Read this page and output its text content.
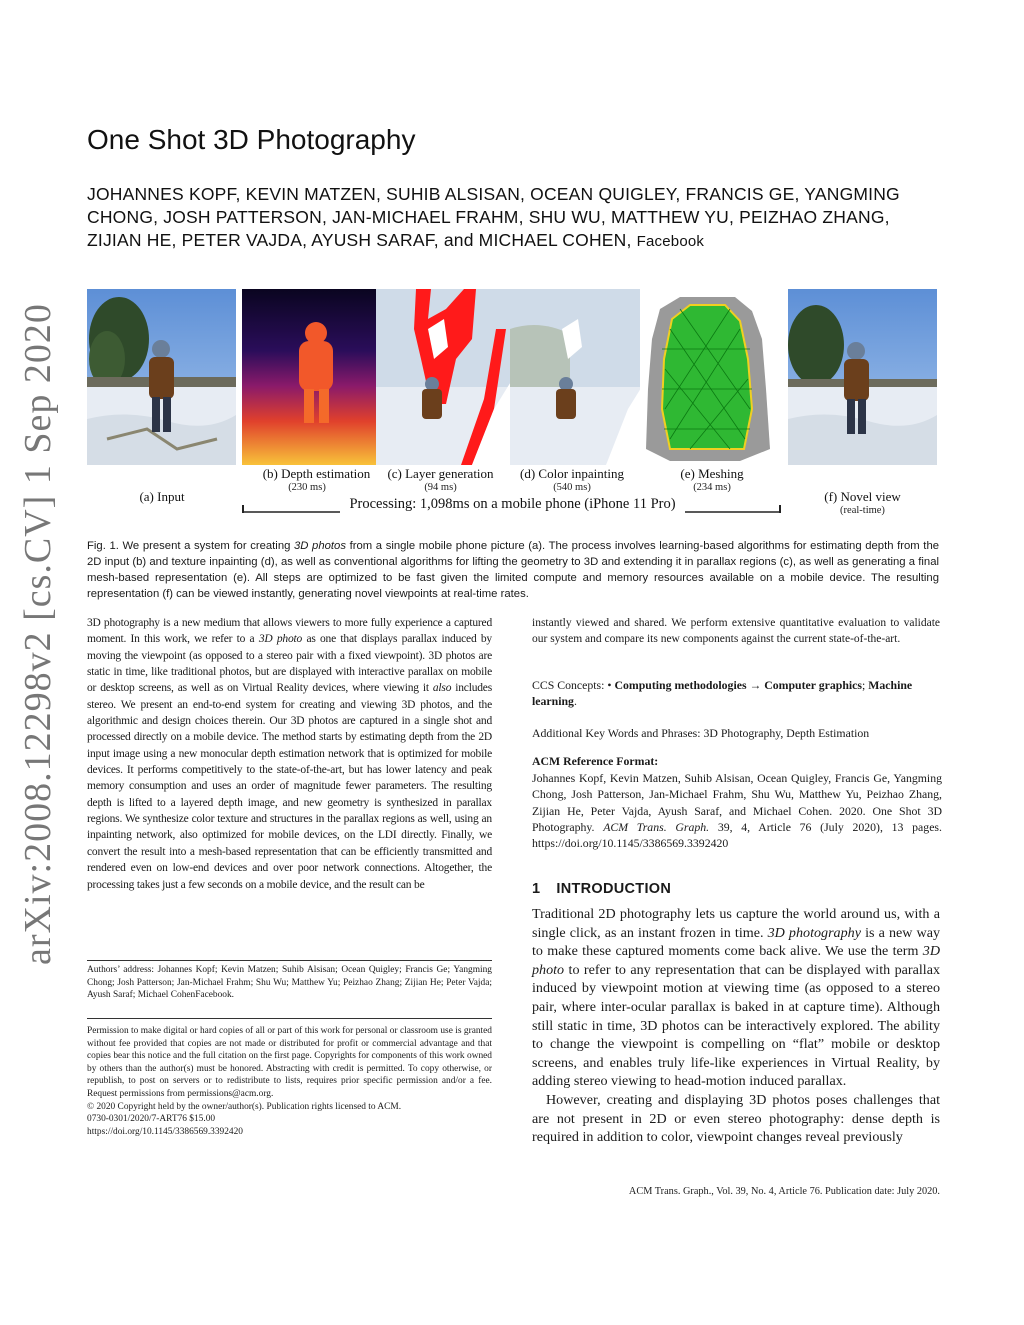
arXiv:2008.12298v2 [cs.CV] 1 Sep 2020
One Shot 3D Photography

JOHANNES KOPF, KEVIN MATZEN, SUHIB ALSISAN, OCEAN QUIGLEY, FRANCIS GE, YANGMING CHONG, JOSH PATTERSON, JAN-MICHAEL FRAHM, SHU WU, MATTHEW YU, PEIZHAO ZHANG, ZIJIAN HE, PETER VAJDA, AYUSH SARAF, and MICHAEL COHEN, Facebook

(a) Input
(b) Depth estimation
(230 ms)
(c) Layer generation
(94 ms)
(d) Color inpainting
(540 ms)
(e) Meshing
(234 ms)
(f) Novel view
(real-time)
Processing: 1,098ms on a mobile phone (iPhone 11 Pro)

Fig. 1. We present a system for creating 3D photos from a single mobile phone picture (a). The process involves learning-based algorithms for estimating depth from the 2D input (b) and texture inpainting (d), as well as conventional algorithms for lifting the geometry to 3D and extending it in parallax regions (c), as well as generating a final mesh-based representation (e). All steps are optimized to be fast given the limited compute and memory resources available on a mobile device. The resulting representation (f) can be viewed instantly, generating novel viewpoints at real-time rates.

3D photography is a new medium that allows viewers to more fully experience a captured moment. In this work, we refer to a 3D photo as one that displays parallax induced by moving the viewpoint (as opposed to a stereo pair with a fixed viewpoint). 3D photos are static in time, like traditional photos, but are displayed with interactive parallax on mobile or desktop screens, as well as on Virtual Reality devices, where viewing it also includes stereo. We present an end-to-end system for creating and viewing 3D photos, and the algorithmic and design choices therein. Our 3D photos are captured in a single shot and processed directly on a mobile device. The method starts by estimating depth from the 2D input image using a new monocular depth estimation network that is optimized for mobile devices. It performs competitively to the state-of-the-art, but has lower latency and peak memory consumption and uses an order of magnitude fewer parameters. The resulting depth is lifted to a layered depth image, and new geometry is synthesized in parallax regions. We synthesize color texture and structures in the parallax regions as well, using an inpainting network, also optimized for mobile devices, on the LDI directly. Finally, we convert the result into a mesh-based representation that can be efficiently transmitted and rendered even on low-end devices and over poor network connections. Altogether, the processing takes just a few seconds on a mobile device, and the result can be

Authors’ address: Johannes Kopf; Kevin Matzen; Suhib Alsisan; Ocean Quigley; Francis Ge; Yangming Chong; Josh Patterson; Jan-Michael Frahm; Shu Wu; Matthew Yu; Peizhao Zhang; Zijian He; Peter Vajda; Ayush Saraf; Michael CohenFacebook.

Permission to make digital or hard copies of all or part of this work for personal or classroom use is granted without fee provided that copies are not made or distributed for profit or commercial advantage and that copies bear this notice and the full citation on the first page. Copyrights for components of this work owned by others than the author(s) must be honored. Abstracting with credit is permitted. To copy otherwise, or republish, to post on servers or to redistribute to lists, requires prior specific permission and/or a fee. Request permissions from permissions@acm.org.
© 2020 Copyright held by the owner/author(s). Publication rights licensed to ACM.
0730-0301/2020/7-ART76 $15.00
https://doi.org/10.1145/3386569.3392420

instantly viewed and shared. We perform extensive quantitative evaluation to validate our system and compare its new components against the current state-of-the-art.

CCS Concepts: • Computing methodologies → Computer graphics; Machine learning.

Additional Key Words and Phrases: 3D Photography, Depth Estimation

ACM Reference Format:

Johannes Kopf, Kevin Matzen, Suhib Alsisan, Ocean Quigley, Francis Ge, Yangming Chong, Josh Patterson, Jan-Michael Frahm, Shu Wu, Matthew Yu, Peizhao Zhang, Zijian He, Peter Vajda, Ayush Saraf, and Michael Cohen. 2020. One Shot 3D Photography. ACM Trans. Graph. 39, 4, Article 76 (July 2020), 13 pages. https://doi.org/10.1145/3386569.3392420

1 INTRODUCTION

Traditional 2D photography lets us capture the world around us, with a single click, as an instant frozen in time. 3D photography is a new way to make these captured moments come back alive. We use the term 3D photo to refer to any representation that can be displayed with parallax induced by viewpoint motion at viewing time (as opposed to a stereo pair, where inter-ocular parallax is baked in at capture time). Although still static in time, 3D photos can be interactively explored. The ability to change the viewpoint is compelling on “flat” mobile or desktop screens, and enables truly life-like experiences in Virtual Reality, by adding stereo viewing to head-motion induced parallax.

However, creating and displaying 3D photos poses challenges that are not present in 2D or even stereo photography: dense depth is required in addition to color, viewpoint changes reveal previously

ACM Trans. Graph., Vol. 39, No. 4, Article 76. Publication date: July 2020.
